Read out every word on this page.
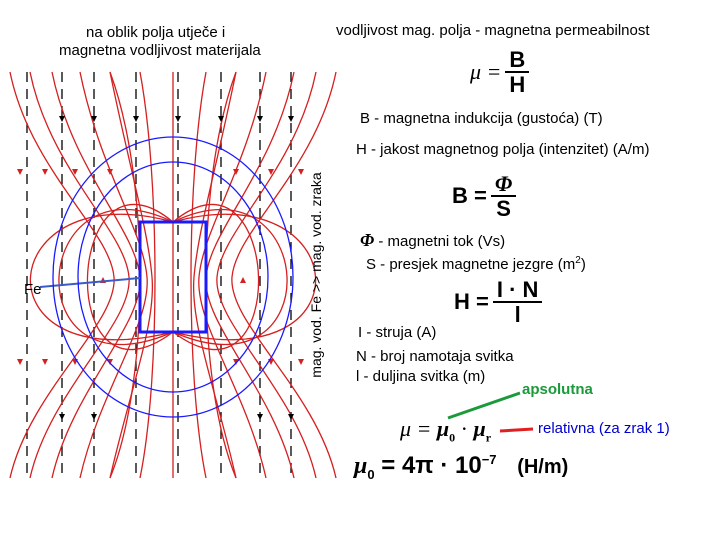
Fe	mag. vod. Fe >> mag. vod. zraka
na oblik polja utječe i
magnetna vodljivost materijala
vodljivost mag. polja - magnetna permeabilnost
$\mu = \frac{B}{H}$
B - magnetna indukcija (gustoća) (T)
H - jakost magnetnog polja (intenzitet) (A/m)
$B = \frac{\Phi}{S}$
Φ - magnetni tok (Vs)
S - presjek magnetne jezgre $(m^2)$
$H = \frac{I \cdot N}{l}$
I - struja (A)
N - broj namotaja svitka
l - duljina svitka (m)
apsolutna
$\mu = \mu_0 \cdot \mu_r$
relativna (za zrak 1)
$\mu_0 = 4\pi \cdot 10^{-7}$ (H/m)
